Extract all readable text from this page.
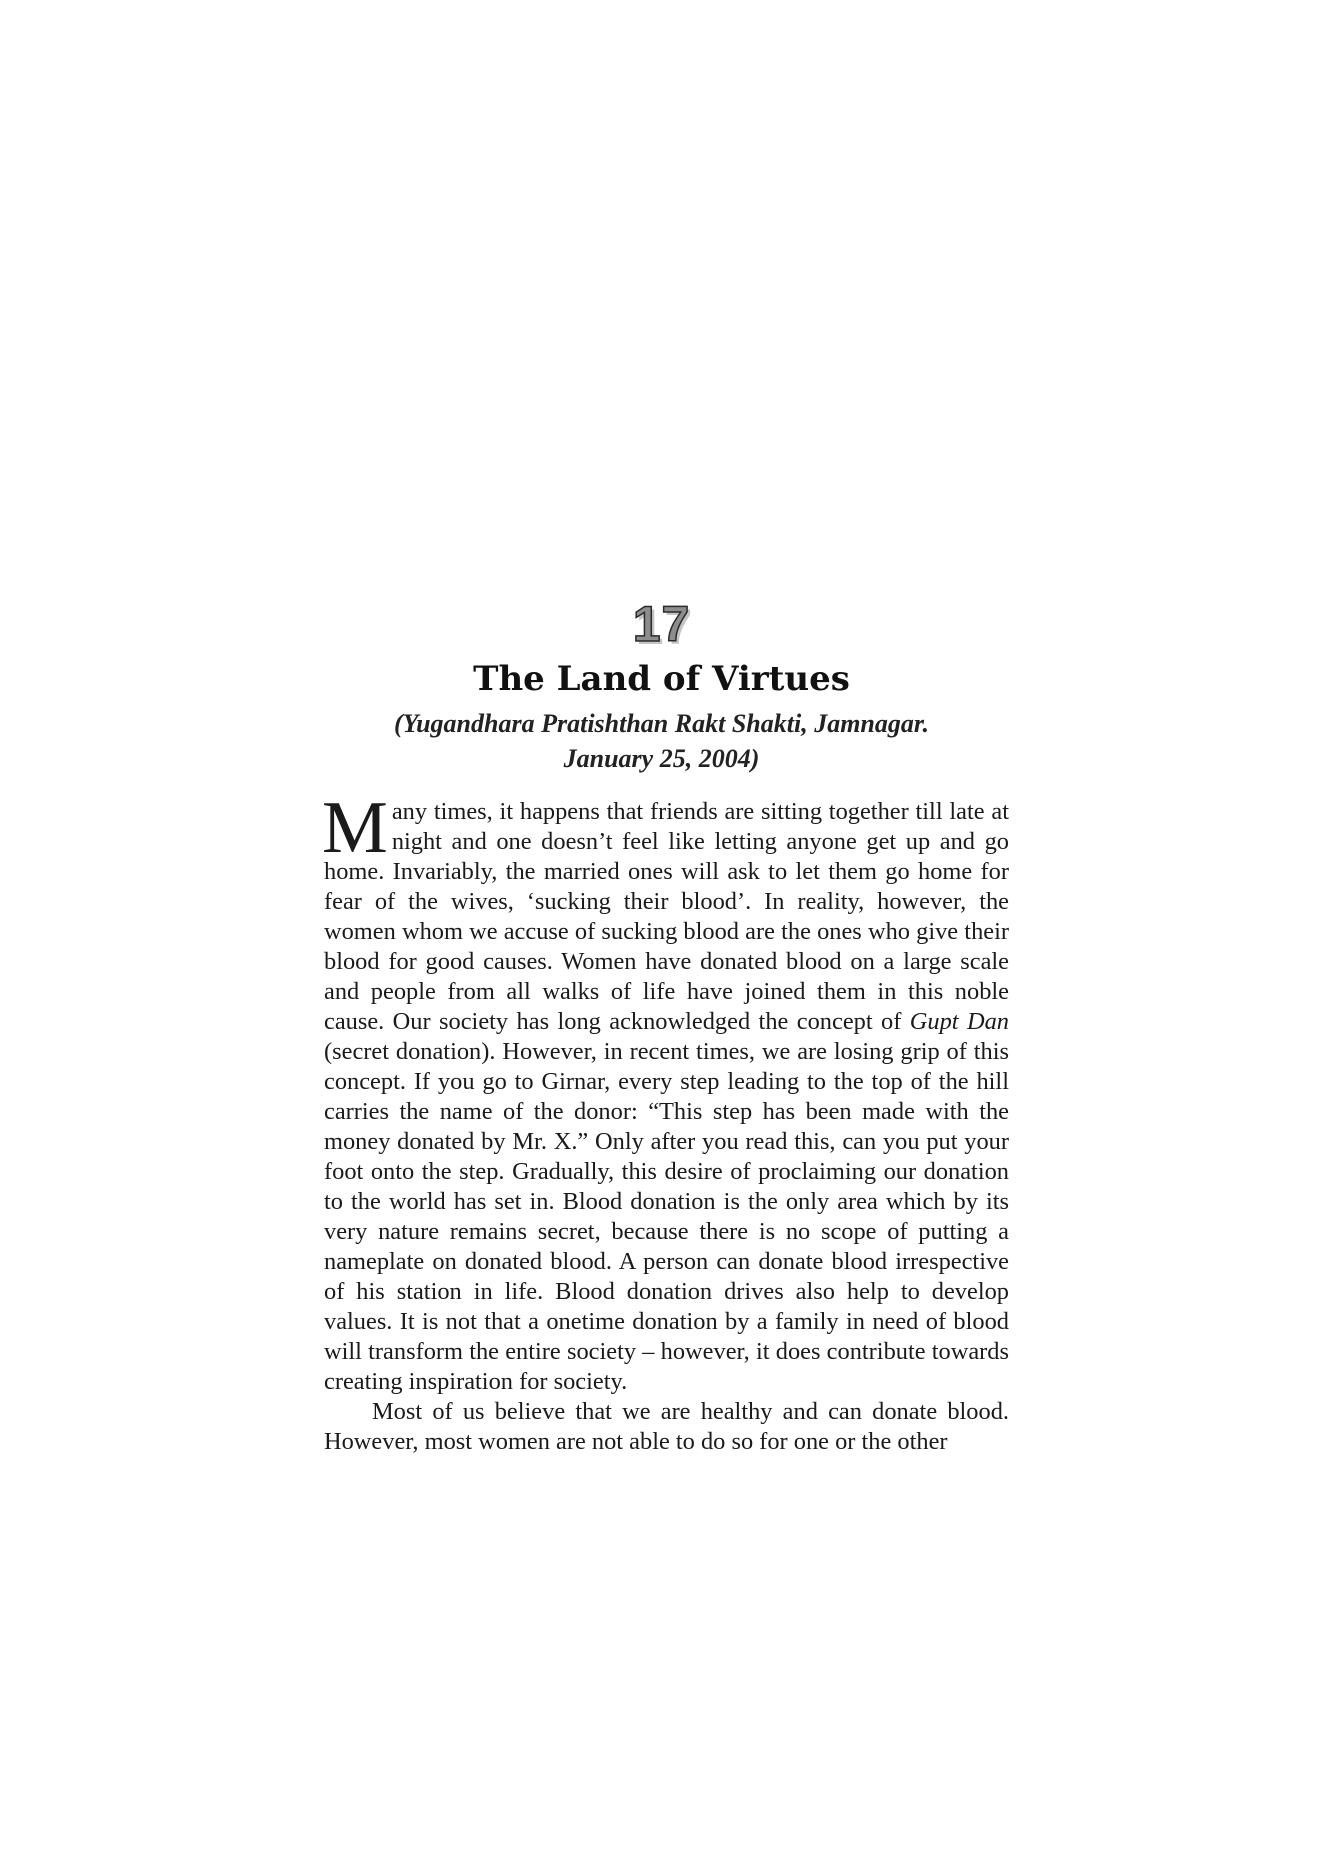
17
The Land of Virtues
(Yugandhara Pratishthan Rakt Shakti, Jamnagar.
January 25, 2004)

Many times, it happens that friends are sitting together till late at night and one doesn’t feel like letting anyone get up and go home. Invariably, the married ones will ask to let them go home for fear of the wives, ‘sucking their blood’. In reality, however, the women whom we accuse of sucking blood are the ones who give their blood for good causes. Women have donated blood on a large scale and people from all walks of life have joined them in this noble cause. Our society has long acknowledged the concept of Gupt Dan (secret donation). However, in recent times, we are losing grip of this concept. If you go to Girnar, every step leading to the top of the hill carries the name of the donor: “This step has been made with the money donated by Mr. X.” Only after you read this, can you put your foot onto the step. Gradually, this desire of proclaiming our donation to the world has set in. Blood donation is the only area which by its very nature remains secret, because there is no scope of putting a nameplate on donated blood. A person can donate blood irrespective of his station in life. Blood donation drives also help to develop values. It is not that a onetime donation by a family in need of blood will transform the entire society – however, it does contribute towards creating inspiration for society.

Most of us believe that we are healthy and can donate blood. However, most women are not able to do so for one or the other
